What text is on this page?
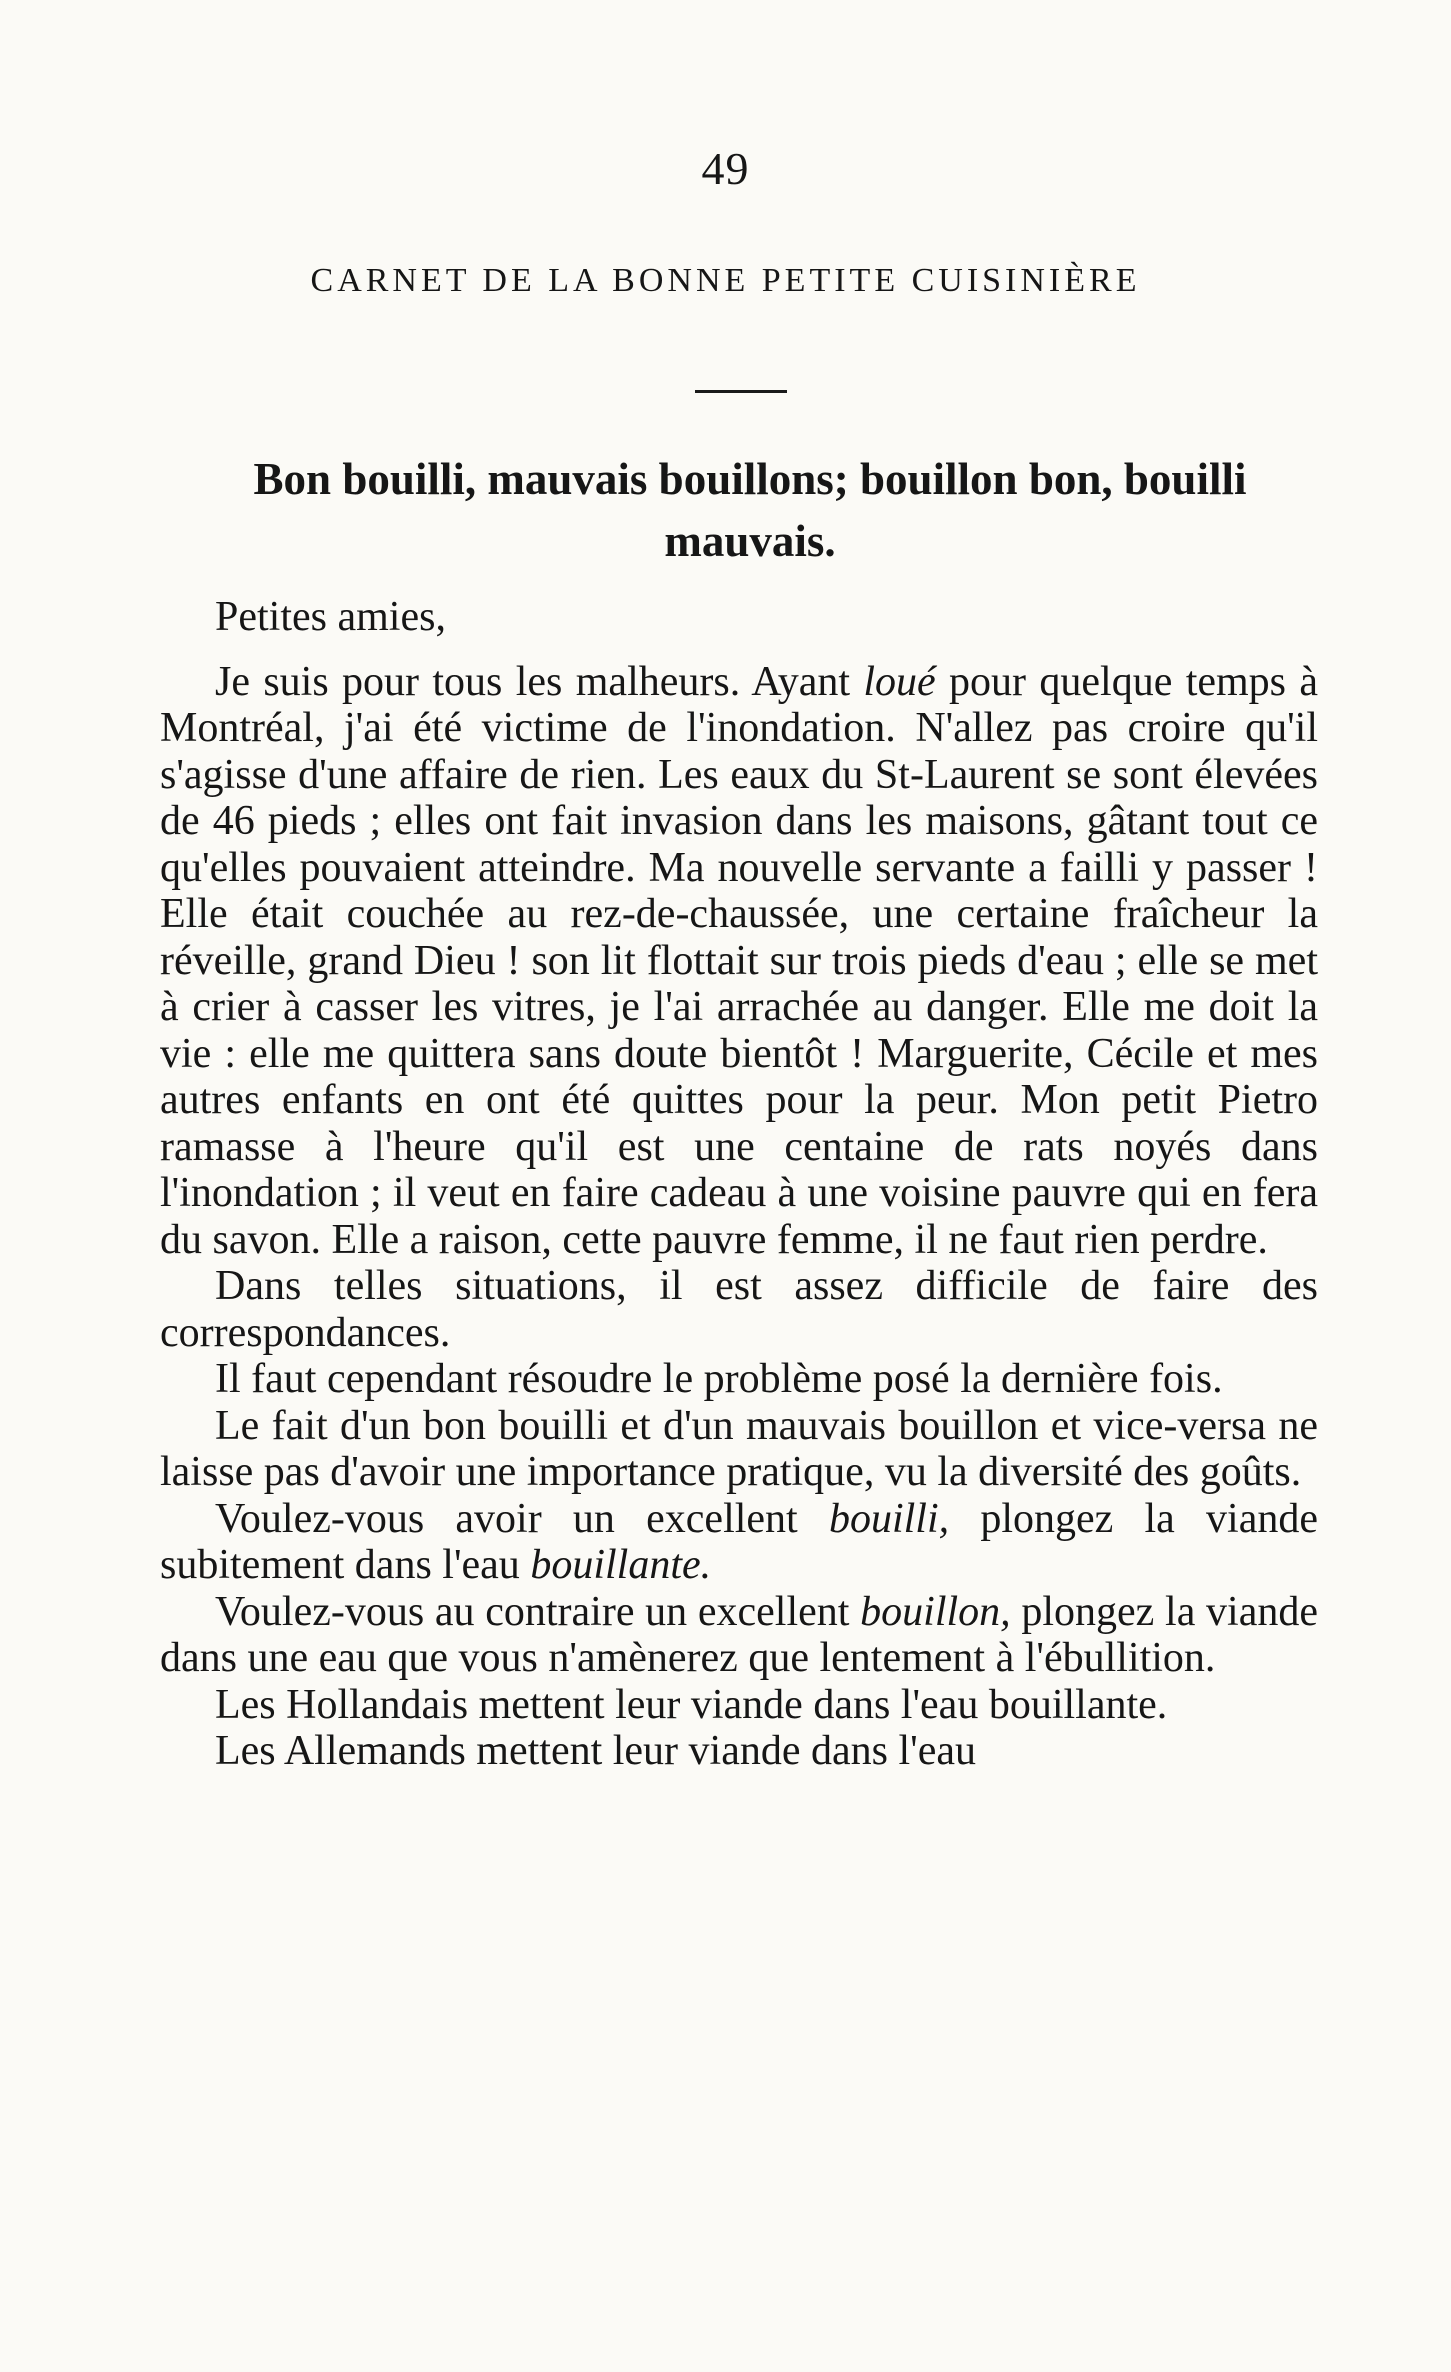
49
CARNET DE LA BONNE PETITE CUISINIÈRE
Bon bouilli, mauvais bouillons; bouillon bon, bouilli mauvais.

Petites amies,

Je suis pour tous les malheurs. Ayant loué pour quelque temps à Montréal, j'ai été victime de l'inondation. N'allez pas croire qu'il s'agisse d'une affaire de rien. Les eaux du St-Laurent se sont élevées de 46 pieds ; elles ont fait invasion dans les maisons, gâtant tout ce qu'elles pouvaient atteindre. Ma nouvelle servante a failli y passer ! Elle était couchée au rez-de-chaussée, une certaine fraîcheur la réveille, grand Dieu ! son lit flottait sur trois pieds d'eau ; elle se met à crier à casser les vitres, je l'ai arrachée au danger. Elle me doit la vie : elle me quittera sans doute bientôt ! Marguerite, Cécile et mes autres enfants en ont été quittes pour la peur. Mon petit Pietro ramasse à l'heure qu'il est une centaine de rats noyés dans l'inondation ; il veut en faire cadeau à une voisine pauvre qui en fera du savon. Elle a raison, cette pauvre femme, il ne faut rien perdre.

Dans telles situations, il est assez difficile de faire des correspondances.

Il faut cependant résoudre le problème posé la dernière fois.

Le fait d'un bon bouilli et d'un mauvais bouillon et vice-versa ne laisse pas d'avoir une importance pratique, vu la diversité des goûts.

Voulez-vous avoir un excellent bouilli, plongez la viande subitement dans l'eau bouillante.

Voulez-vous au contraire un excellent bouillon, plongez la viande dans une eau que vous n'amènerez que lentement à l'ébullition.

Les Hollandais mettent leur viande dans l'eau bouillante.

Les Allemands mettent leur viande dans l'eau
